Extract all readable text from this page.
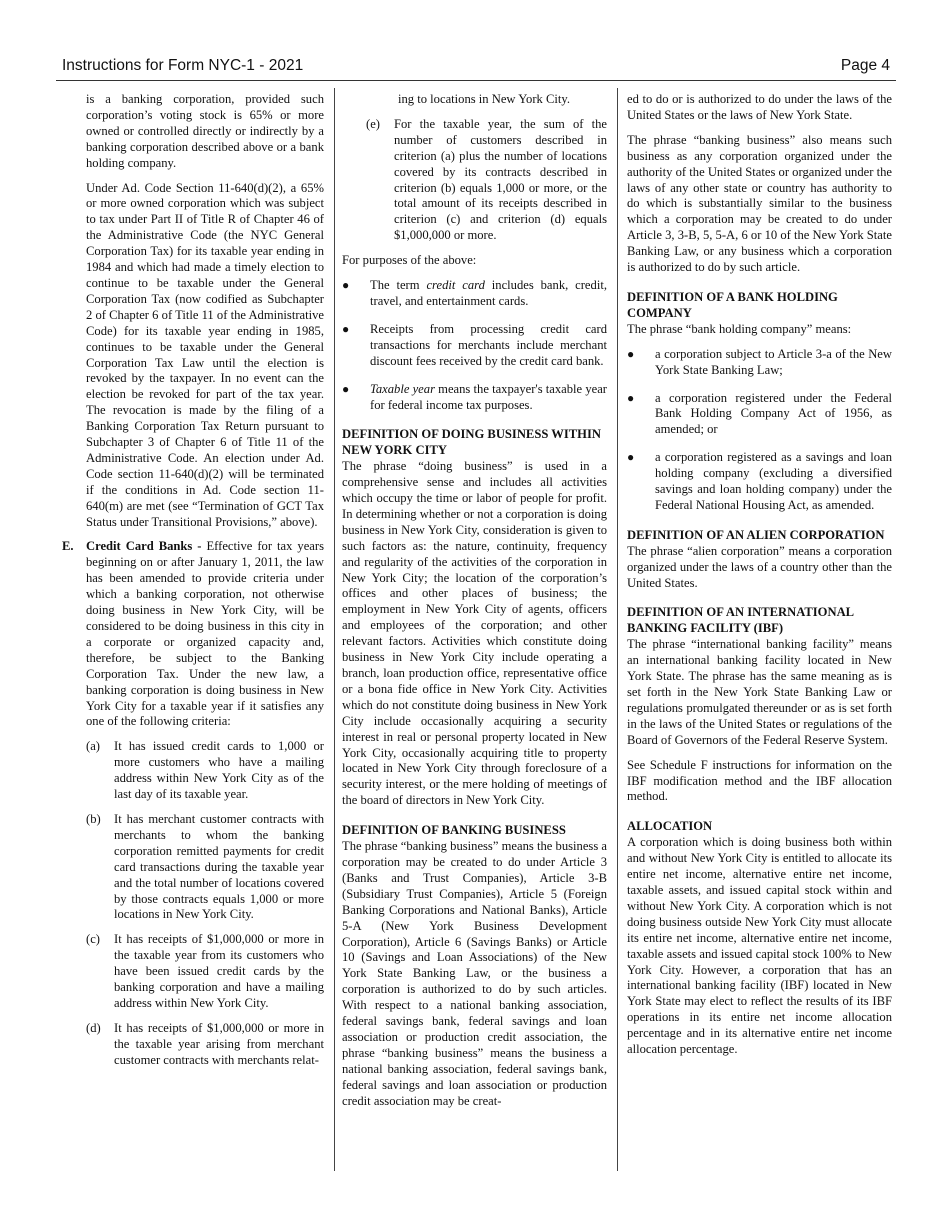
Instructions for Form NYC-1 - 2021	Page 4

is a banking corporation, provided such corporation’s voting stock is 65% or more owned or controlled directly or indirectly by a banking corporation described above or a bank holding company.

Under Ad. Code Section 11-640(d)(2), a 65% or more owned corporation which was subject to tax under Part II of Title R of Chapter 46 of the Administrative Code (the NYC General Corporation Tax) for its taxable year ending in 1984 and which had made a timely election to continue to be taxable under the General Corporation Tax (now codified as Subchapter 2 of Chapter 6 of Title 11 of the Administrative Code) for its taxable year ending in 1985, continues to be taxable under the General Corporation Tax Law until the election is revoked by the taxpayer. In no event can the election be revoked for part of the tax year. The revocation is made by the filing of a Banking Corporation Tax Return pursuant to Subchapter 3 of Chapter 6 of Title 11 of the Administrative Code. An election under Ad. Code section 11-640(d)(2) will be terminated if the conditions in Ad. Code section 11-640(m) are met (see “Termination of GCT Tax Status under Transitional Provisions,” above).

E. Credit Card Banks - Effective for tax years beginning on or after January 1, 2011, the law has been amended to provide criteria under which a banking corporation, not otherwise doing business in New York City, will be considered to be doing business in this city in a corporate or organized capacity and, therefore, be subject to the Banking Corporation Tax. Under the new law, a banking corporation is doing business in New York City for a taxable year if it satisfies any one of the following criteria:
(a)	It has issued credit cards to 1,000 or more customers who have a mailing address within New York City as of the last day of its taxable year.
(b)	It has merchant customer contracts with merchants to whom the banking corporation remitted payments for credit card transactions during the taxable year and the total number of locations covered by those contracts equals 1,000 or more locations in New York City.
(c)	It has receipts of $1,000,000 or more in the taxable year from its customers who have been issued credit cards by the banking corporation and have a mailing address within New York City.
(d)	It has receipts of $1,000,000 or more in the taxable year arising from merchant customer contracts with merchants relat-

ing to locations in New York City.

(e)	For the taxable year, the sum of the number of customers described in criterion (a) plus the number of locations covered by its contracts described in criterion (b) equals 1,000 or more, or the total amount of its receipts described in criterion (c) and criterion (d) equals $1,000,000 or more.

For purposes of the above:

●	The term credit card includes bank, credit, travel, and entertainment cards.
●	Receipts from processing credit card transactions for merchants include merchant discount fees received by the credit card bank.
●	Taxable year means the taxpayer's taxable year for federal income tax purposes.
DEFINITION OF DOING BUSINESS WITHIN NEW YORK CITY

The phrase “doing business” is used in a comprehensive sense and includes all activities which occupy the time or labor of people for profit. In determining whether or not a corporation is doing business in New York City, consideration is given to such factors as: the nature, continuity, frequency and regularity of the activities of the corporation in New York City; the location of the corporation’s offices and other places of business; the employment in New York City of agents, officers and employees of the corporation; and other relevant factors. Activities which constitute doing business in New York City include operating a branch, loan production office, representative office or a bona fide office in New York City. Activities which do not constitute doing business in New York City include occasionally acquiring a security interest in real or personal property located in New York City, occasionally acquiring title to property located in New York City through foreclosure of a security interest, or the mere holding of meetings of the board of directors in New York City.

DEFINITION OF BANKING BUSINESS

The phrase “banking business” means the business a corporation may be created to do under Article 3 (Banks and Trust Companies), Article 3-B (Subsidiary Trust Companies), Article 5 (Foreign Banking Corporations and National Banks), Article 5-A (New York Business Development Corporation), Article 6 (Savings Banks) or Article 10 (Savings and Loan Associations) of the New York State Banking Law, or the business a corporation is authorized to do by such articles. With respect to a national banking association, federal savings bank, federal savings and loan association or production credit association, the phrase “banking business” means the business a national banking association, federal savings bank, federal savings and loan association or production credit association may be creat-

ed to do or is authorized to do under the laws of the United States or the laws of New York State.

The phrase “banking business” also means such business as any corporation organized under the authority of the United States or organized under the laws of any other state or country has authority to do which is substantially similar to the business which a corporation may be created to do under Article 3, 3-B, 5, 5-A, 6 or 10 of the New York State Banking Law, or any business which a corporation is authorized to do by such article.

DEFINITION OF A BANK HOLDING COMPANY

The phrase “bank holding company” means:

●	a corporation subject to Article 3-a of the New York State Banking Law;
●	a corporation registered under the Federal Bank Holding Company Act of 1956, as amended; or
●	a corporation registered as a savings and loan holding company (excluding a diversified savings and loan holding company) under the Federal National Housing Act, as amended.
DEFINITION OF AN ALIEN CORPORATION

The phrase “alien corporation” means a corporation organized under the laws of a country other than the United States.

DEFINITION OF AN INTERNATIONAL BANKING FACILITY (IBF)

The phrase “international banking facility” means an international banking facility located in New York State. The phrase has the same meaning as is set forth in the New York State Banking Law or regulations promulgated thereunder or as is set forth in the laws of the United States or regulations of the Board of Governors of the Federal Reserve System.

See Schedule F instructions for information on the IBF modification method and the IBF allocation method.

ALLOCATION

A corporation which is doing business both within and without New York City is entitled to allocate its entire net income, alternative entire net income, taxable assets, and issued capital stock within and without New York City. A corporation which is not doing business outside New York City must allocate its entire net income, alternative entire net income, taxable assets and issued capital stock 100% to New York City. However, a corporation that has an international banking facility (IBF) located in New York State may elect to reflect the results of its IBF operations in its entire net income allocation percentage and in its alternative entire net income allocation percentage.
